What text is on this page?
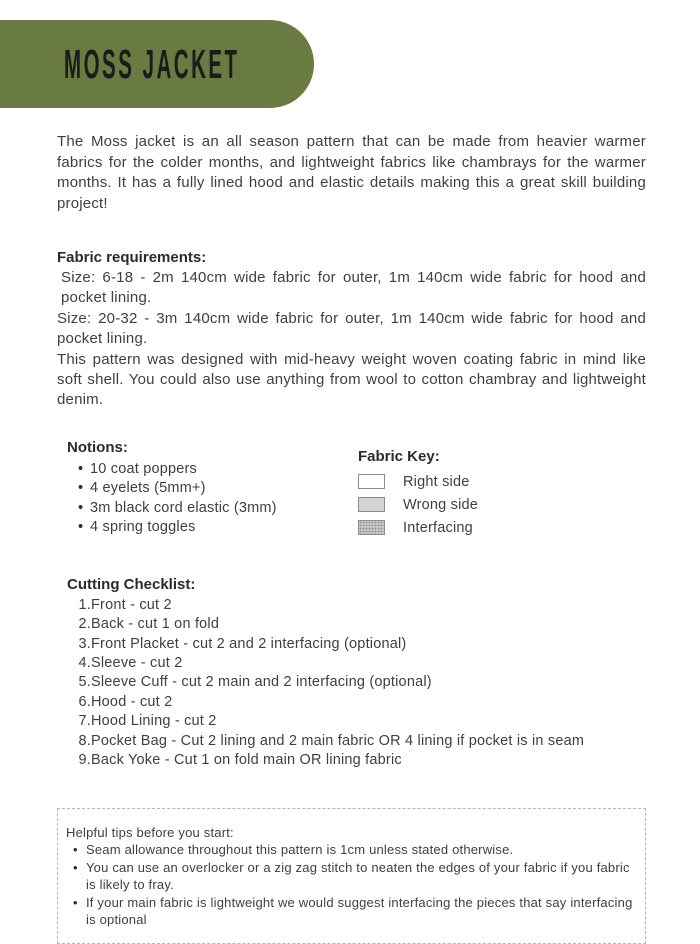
MOSS JACKET

The Moss jacket is an all season pattern that can be made from heavier warmer fabrics for the colder months, and lightweight fabrics like chambrays for the warmer months. It has a fully lined hood and elastic details making this a great skill building project!

Fabric requirements:

Size: 6-18 - 2m 140cm wide fabric for outer, 1m 140cm wide fabric for hood and pocket lining.

Size: 20-32 - 3m 140cm wide fabric for outer, 1m 140cm wide fabric for hood and pocket lining.

This pattern was designed with mid-heavy weight woven coating fabric in mind like soft shell. You could also use anything from wool to cotton chambray and lightweight denim.

Notions:
• 10 coat poppers
• 4 eyelets (5mm+)
• 3m black cord elastic (3mm)
• 4 spring toggles
Fabric Key:
Right side
Wrong side
Interfacing
Cutting Checklist:
Front - cut 2
Back - cut 1 on fold
Front Placket - cut 2 and 2 interfacing (optional)
Sleeve - cut 2
Sleeve Cuff - cut 2 main and 2 interfacing (optional)
Hood - cut 2
Hood Lining - cut 2
Pocket Bag - Cut 2 lining and 2 main fabric OR 4 lining if pocket is in seam
Back Yoke - Cut 1 on fold main OR lining fabric

Helpful tips before you start:

• Seam allowance throughout this pattern is 1cm unless stated otherwise.
• You can use an overlocker or a zig zag stitch to neaten the edges of your fabric if you fabric is likely to fray.
• If your main fabric is lightweight we would suggest interfacing the pieces that say interfacing is optional
